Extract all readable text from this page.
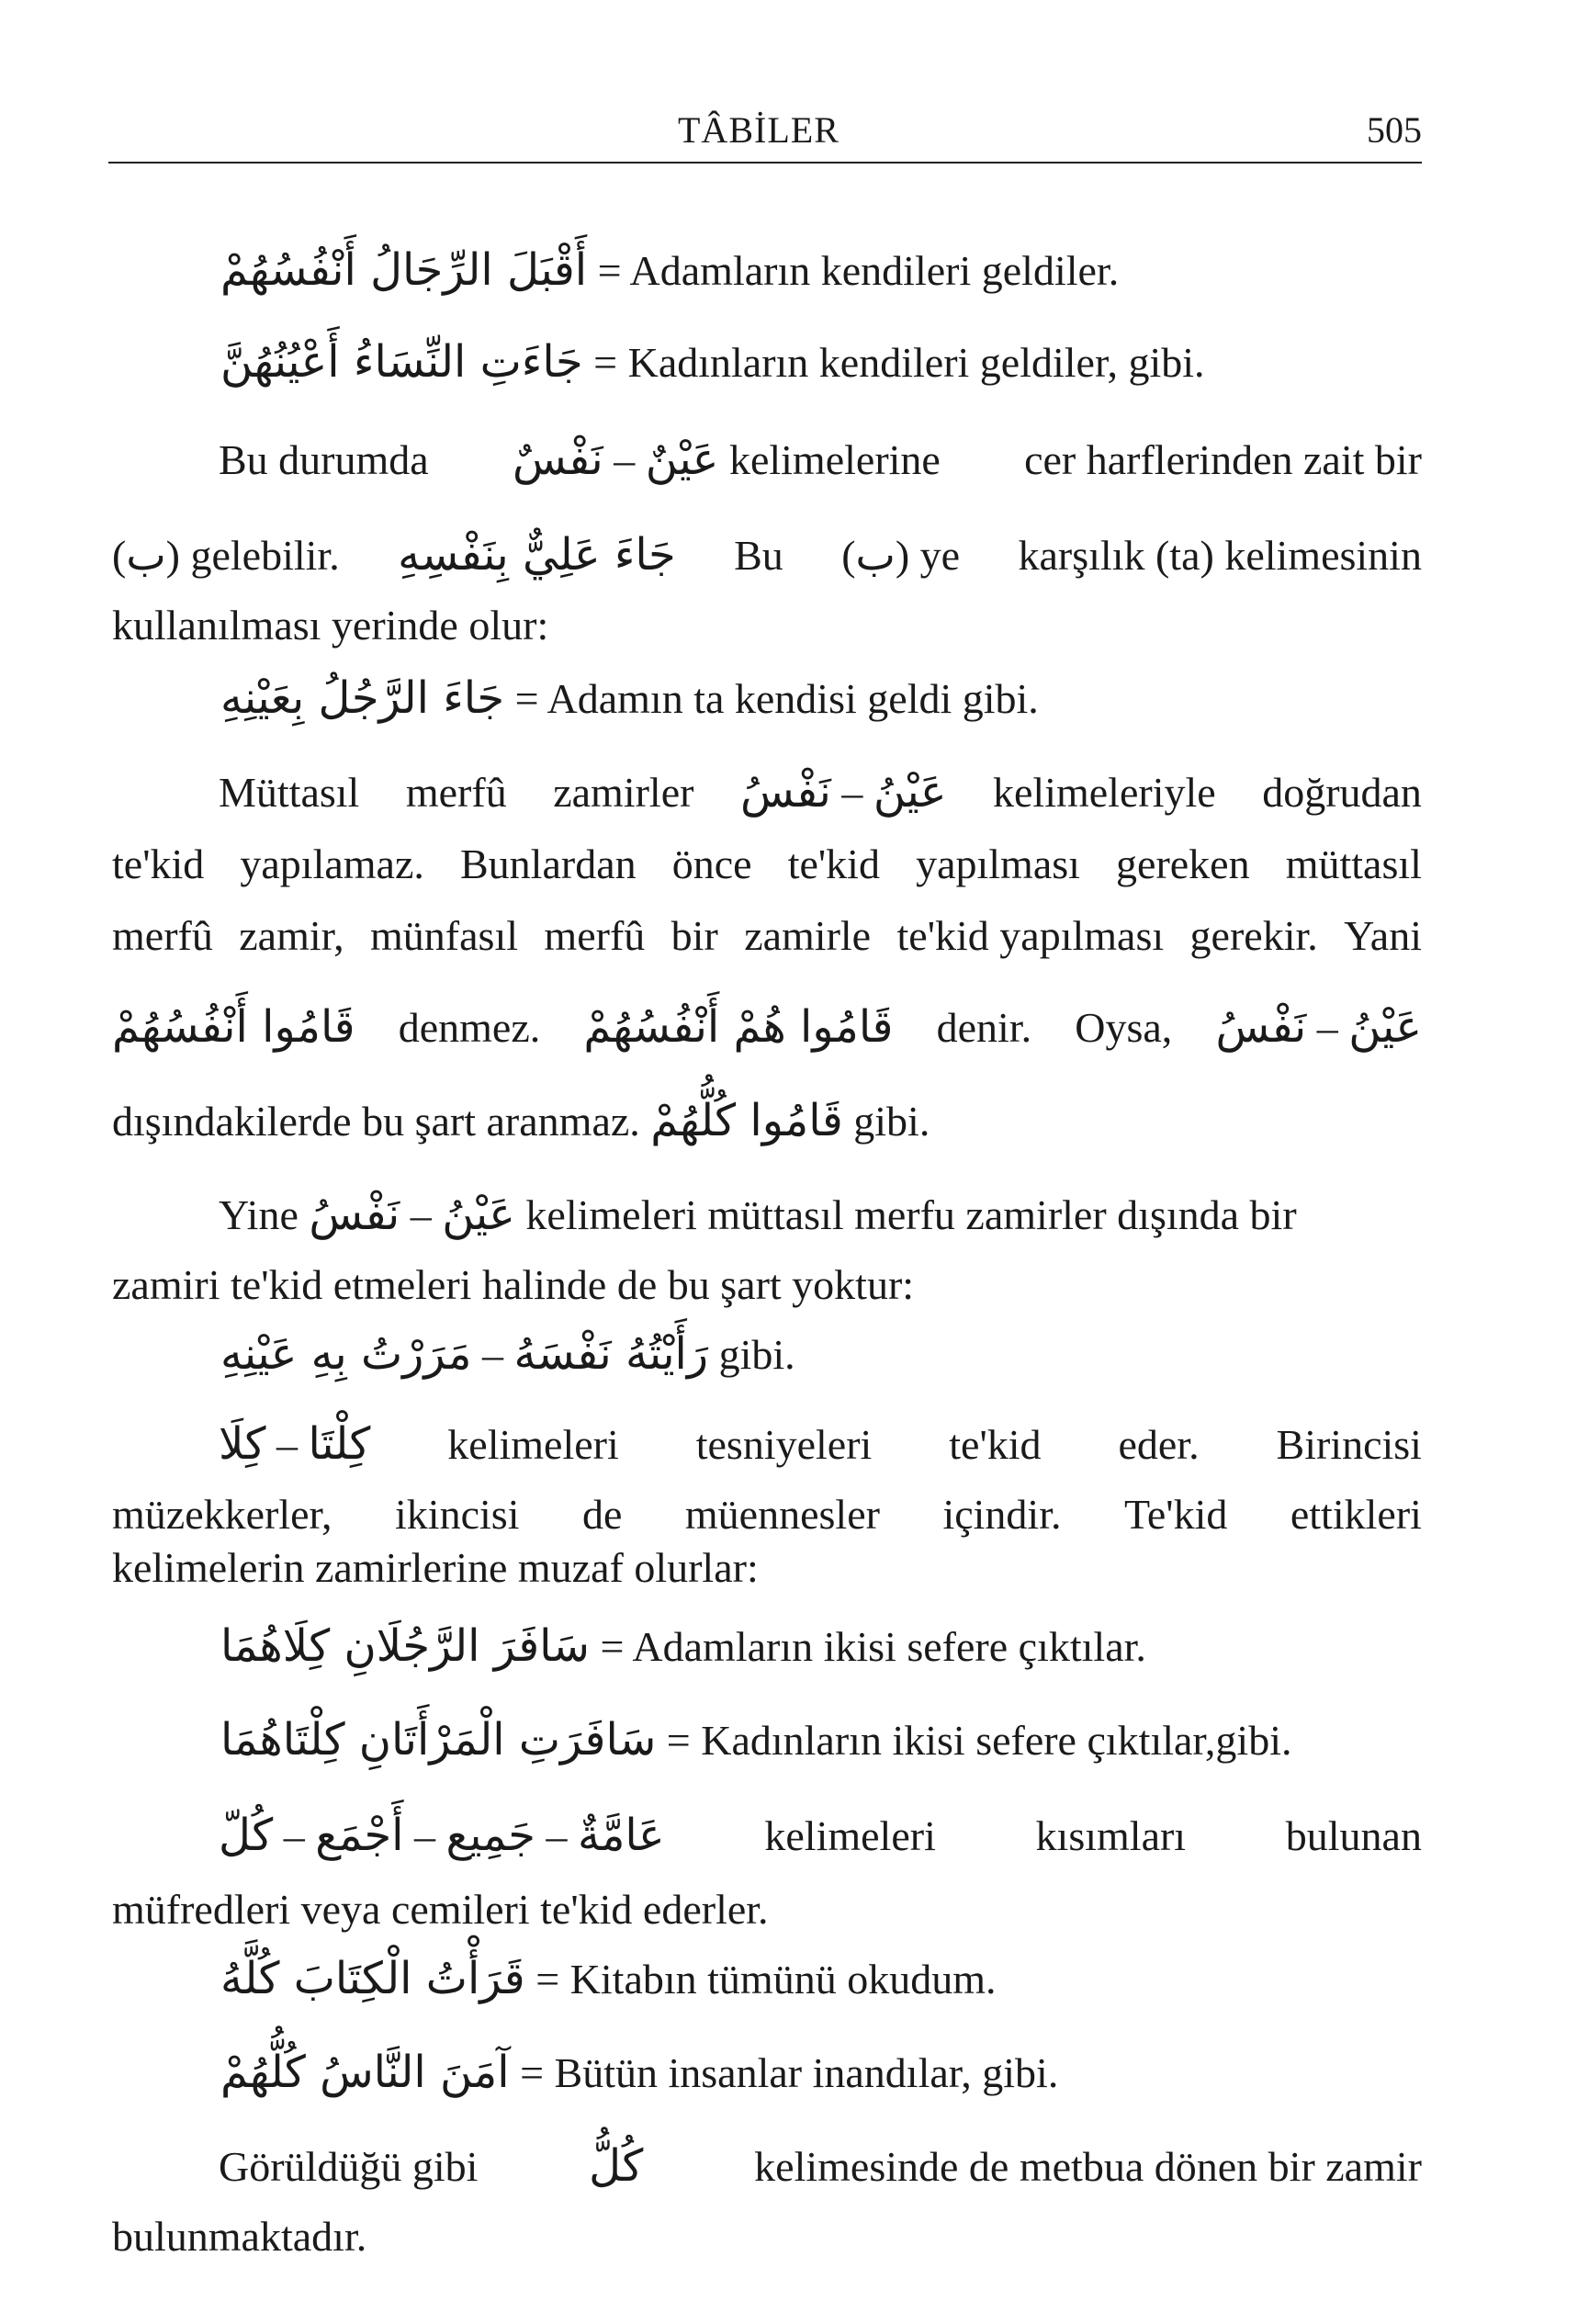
TÂBİLER	505
أَقْبَلَ الرِّجَالُ أَنْفُسُهُمْ = Adamların kendileri geldiler.
جَاءَتِ النِّسَاءُ أَعْيُنُهُنَّ = Kadınların kendileri geldiler, gibi.
Bu durumda نَفْسٌ – عَيْنٌ kelimelerine cer harflerinden zait bir
(ب) gelebilir. جَاءَ عَلِيٌّ بِنَفْسِهِ Bu (ب) ye karşılık (ta) kelimesinin
kullanılması yerinde olur:
جَاءَ الرَّجُلُ بِعَيْنِهِ = Adamın ta kendisi geldi gibi.
Müttasıl merfû zamirler نَفْسُ – عَيْنُ kelimeleriyle doğrudan
te'kid yapılamaz. Bunlardan önce te'kid yapılması gereken müttasıl
merfû zamir, münfasıl merfû bir zamirle te'kid yapılması gerekir. Yani
قَامُوا أَنْفُسُهُمْ denmez. قَامُوا هُمْ أَنْفُسُهُمْ denir. Oysa, نَفْسُ – عَيْنُ
dışındakilerde bu şart aranmaz. قَامُوا كُلُّهُمْ gibi.
Yine نَفْسُ – عَيْنُ kelimeleri müttasıl merfu zamirler dışında bir
zamiri te'kid etmeleri halinde de bu şart yoktur:
مَرَرْتُ بِهِ عَيْنِهِ – رَأَيْتُهُ نَفْسَهُ gibi.
كِلَا – كِلْتَا kelimeleri tesniyeleri te'kid eder. Birincisi
müzekkerler, ikincisi de müennesler içindir. Te'kid ettikleri
kelimelerin zamirlerine muzaf olurlar:
سَافَرَ الرَّجُلَانِ كِلَاهُمَا = Adamların ikisi sefere çıktılar.
سَافَرَتِ الْمَرْأَتَانِ كِلْتَاهُمَا = Kadınların ikisi sefere çıktılar,gibi.
كُلّ – أَجْمَع – جَمِيع – عَامَّةٌ kelimeleri kısımları bulunan
müfredleri veya cemileri te'kid ederler.
قَرَأْتُ الْكِتَابَ كُلَّهُ = Kitabın tümünü okudum.
آمَنَ النَّاسُ كُلُّهُمْ = Bütün insanlar inandılar, gibi.
Görüldüğü gibi	كُلُّ	kelimesinde de metbua dönen bir zamir
bulunmaktadır.
